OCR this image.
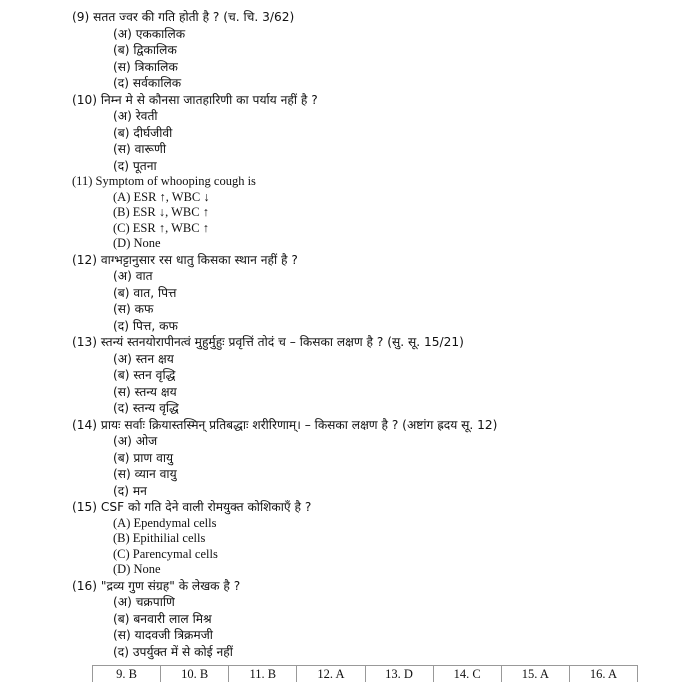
(9) सतत ज्वर की गति होती है ? (च. चि. 3/62)
(अ) एककालिक
(ब) द्विकालिक
(स) त्रिकालिक
(द) सर्वकालिक
(10) निम्न मे से कौनसा जातहारिणी का पर्याय नहीं है ?
(अ) रेवती
(ब) दीर्घजीवी
(स) वारूणी
(द) पूतना
(11) Symptom of whooping cough is
(A) ESR ↑, WBC ↓
(B) ESR ↓, WBC ↑
(C) ESR ↑, WBC ↑
(D) None
(12) वाग्भट्टानुसार रस धातु किसका स्थान नहीं है ?
(अ) वात
(ब) वात, पित्त
(स) कफ
(द) पित्त, कफ
(13) स्तन्यं स्तनयोरापीनत्वं मुहुर्मुहुः प्रवृत्तिं तोदं च – किसका लक्षण है ? (सु. सू. 15/21)
(अ) स्तन क्षय
(ब) स्तन वृद्धि
(स) स्तन्य क्षय
(द) स्तन्य वृद्धि
(14) प्रायः सर्वाः क्रियास्तस्मिन् प्रतिबद्धाः शरीरिणाम्। – किसका लक्षण है ? (अष्टांग ह्रदय सू. 12)
(अ) ओज
(ब) प्राण वायु
(स) व्यान वायु
(द) मन
(15) CSF को गति देने वाली रोमयुक्त कोशिकाएँ है ?
(A) Ependymal cells
(B) Epithilial cells
(C) Parencymal cells
(D) None
(16) "द्रव्य गुण संग्रह" के लेखक है ?
(अ) चक्रपाणि
(ब) बनवारी लाल मिश्र
(स) यादवजी त्रिक्रमजी
(द) उपर्युक्त में से कोई नहीं
9. B	10. B	11. B	12. A	13. D	14. C	15. A	16. A
